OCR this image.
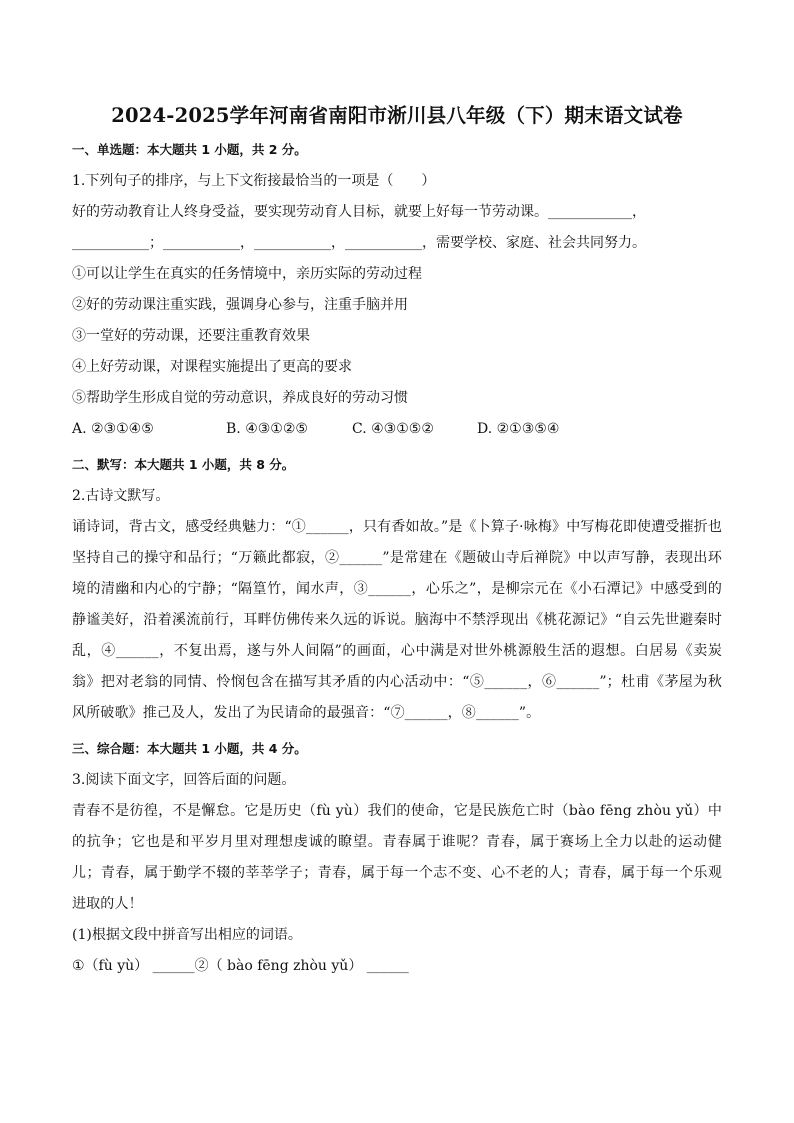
2024-2025学年河南省南阳市淅川县八年级（下）期末语文试卷
一、单选题：本大题共 1 小题，共 2 分。
1.下列句子的排序，与上下文衔接最恰当的一项是（　　）
好的劳动教育让人终身受益，要实现劳动育人目标，就要上好每一节劳动课。____________，
___________；___________，___________，___________，需要学校、家庭、社会共同努力。
①可以让学生在真实的任务情境中，亲历实际的劳动过程
②好的劳动课注重实践，强调身心参与，注重手脑并用
③一堂好的劳动课，还要注重教育效果
④上好劳动课，对课程实施提出了更高的要求
⑤帮助学生形成自觉的劳动意识，养成良好的劳动习惯
A. ②③①④⑤	B. ④③①②⑤	C. ④③①⑤②	D. ②①③⑤④
二、默写：本大题共 1 小题，共 8 分。
2.古诗文默写。
诵诗词，背古文，感受经典魅力：“①______，只有香如故。”是《卜算子·咏梅》中写梅花即使遭受摧折也坚持自己的操守和品行；“万籁此都寂，②______”是常建在《题破山寺后禅院》中以声写静，表现出环境的清幽和内心的宁静；“隔篁竹，闻水声，③______，心乐之”，是柳宗元在《小石潭记》中感受到的静谧美好，沿着溪流前行，耳畔仿佛传来久远的诉说。脑海中不禁浮现出《桃花源记》“自云先世避秦时乱，④______，不复出焉，遂与外人间隔”的画面，心中满是对世外桃源般生活的遐想。白居易《卖炭翁》把对老翁的同情、怜悯包含在描写其矛盾的内心活动中：“⑤______，⑥______”；杜甫《茅屋为秋风所破歌》推己及人，发出了为民请命的最强音：“⑦______，⑧______”。
三、综合题：本大题共 1 小题，共 4 分。
3.阅读下面文字，回答后面的问题。
青春不是彷徨，不是懈怠。它是历史（fù yù）我们的使命，它是民族危亡时（bào fēng zhòu yǔ）中的抗争；它也是和平岁月里对理想虔诚的瞭望。青春属于谁呢？青春，属于赛场上全力以赴的运动健儿；青春，属于勤学不辍的莘莘学子；青春，属于每一个志不变、心不老的人；青春，属于每一个乐观进取的人！
(1)根据文段中拼音写出相应的词语。
①（fù yù） ______②（ bào fēng zhòu yǔ） ______
